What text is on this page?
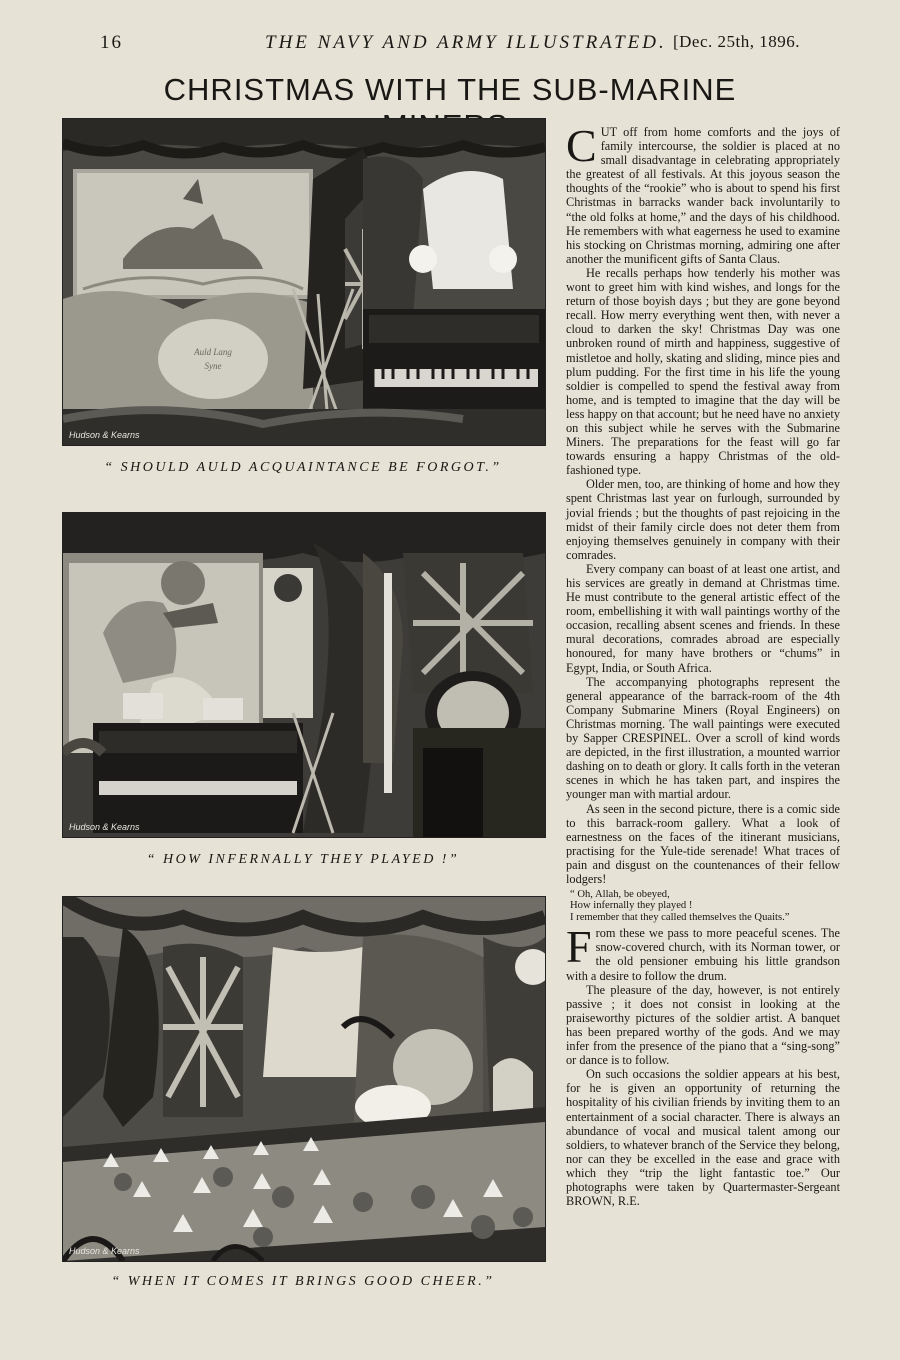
16	THE NAVY AND ARMY ILLUSTRATED. [Dec. 25th, 1896.
CHRISTMAS WITH THE SUB-MARINE
Auld Lang
Syne
Hudson & Kearns
“ SHOULD AULD ACQUAINTANCE BE FORGOT.”
Hudson & Kearns
“ HOW INFERNALLY THEY PLAYED !”
Hudson & Kearns
“ WHEN IT COMES IT BRINGS GOOD CHEER.”

CUT off from home comforts and the joys of family intercourse, the soldier is placed at no small disadvantage in celebrating appropriately the greatest of all festivals. At this joyous season the thoughts of the “rookie” who is about to spend his first Christmas in barracks wander back involuntarily to “the old folks at home,” and the days of his childhood. He remembers with what eagerness he used to examine his stocking on Christmas morning, admiring one after another the munificent gifts of Santa Claus.

He recalls perhaps how tenderly his mother was wont to greet him with kind wishes, and longs for the return of those boyish days ; but they are gone beyond recall. How merry everything went then, with never a cloud to darken the sky! Christmas Day was one unbroken round of mirth and happiness, suggestive of mistletoe and holly, skating and sliding, mince pies and plum pudding. For the first time in his life the young soldier is compelled to spend the festival away from home, and is tempted to imagine that the day will be less happy on that account; but he need have no anxiety on this subject while he serves with the Submarine Miners. The preparations for the feast will go far towards ensuring a happy Christmas of the old-fashioned type.

Older men, too, are thinking of home and how they spent Christmas last year on furlough, surrounded by jovial friends ; but the thoughts of past rejoicing in the midst of their family circle does not deter them from enjoying themselves genuinely in company with their comrades.

Every company can boast of at least one artist, and his services are greatly in demand at Christmas time. He must contribute to the general artistic effect of the room, embellishing it with wall paintings worthy of the occasion, recalling absent scenes and friends. In these mural decorations, comrades abroad are especially honoured, for many have brothers or “chums” in Egypt, India, or South Africa.

The accompanying photographs represent the general appearance of the barrack-room of the 4th Company Submarine Miners (Royal Engineers) on Christmas morning. The wall paintings were executed by Sapper CRESPINEL. Over a scroll of kind words are depicted, in the first illustration, a mounted warrior dashing on to death or glory. It calls forth in the veteran scenes in which he has taken part, and inspires the younger man with martial ardour.

As seen in the second picture, there is a comic side to this barrack-room gallery. What a look of earnestness on the faces of the itinerant musicians, practising for the Yule-tide serenade! What traces of pain and disgust on the countenances of their fellow lodgers!

“ Oh, Allah, be obeyed,
How infernally they played !
I remember that they called themselves the Quaits.”

From these we pass to more peaceful scenes. The snow-covered church, with its Norman tower, or the old pensioner embuing his little grandson with a desire to follow the drum.

The pleasure of the day, however, is not entirely passive ; it does not consist in looking at the praiseworthy pictures of the soldier artist. A banquet has been prepared worthy of the gods. And we may infer from the presence of the piano that a “sing-song” or dance is to follow.

On such occasions the soldier appears at his best, for he is given an opportunity of returning the hospitality of his civilian friends by inviting them to an entertainment of a social character. There is always an abundance of vocal and musical talent among our soldiers, to whatever branch of the Service they belong, nor can they be excelled in the ease and grace with which they “trip the light fantastic toe.” Our photographs were taken by Quartermaster-Sergeant BROWN, R.E.
